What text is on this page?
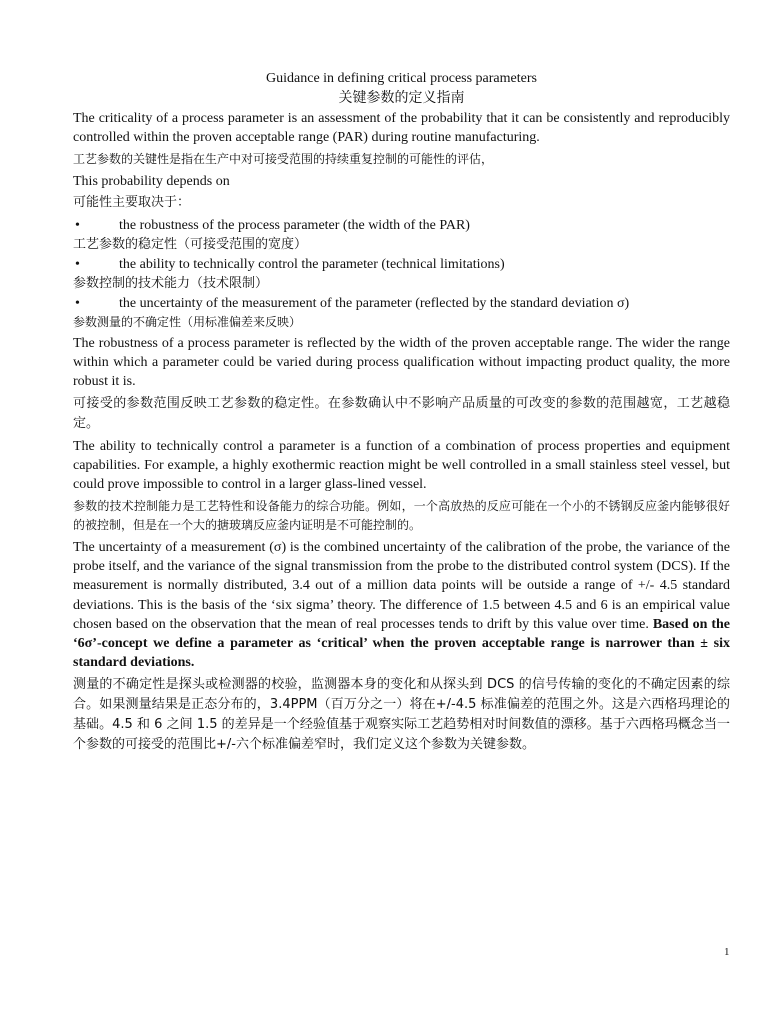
Guidance in defining critical process parameters

关键参数的定义指南

The criticality of a process parameter is an assessment of the probability that it can be consistently and reproducibly controlled within the proven acceptable range (PAR) during routine manufacturing.

工艺参数的关键性是指在生产中对可接受范围的持续重复控制的可能性的评估，

This probability depends on

可能性主要取决于：

•	the robustness of the process parameter (the width of the PAR)

工艺参数的稳定性（可接受范围的宽度）

•	the ability to technically control the parameter (technical limitations)

参数控制的技术能力（技术限制）

•	the uncertainty of the measurement of the parameter (reflected by the standard deviation σ)

参数测量的不确定性（用标准偏差来反映）

The robustness of a process parameter is reflected by the width of the proven acceptable range. The wider the range within which a parameter could be varied during process qualification without impacting product quality, the more robust it is.

可接受的参数范围反映工艺参数的稳定性。在参数确认中不影响产品质量的可改变的参数的范围越宽，工艺越稳定。

The ability to technically control a parameter is a function of a combination of process properties and equipment capabilities. For example, a highly exothermic reaction might be well controlled in a small stainless steel vessel, but could prove impossible to control in a larger glass-lined vessel.

参数的技术控制能力是工艺特性和设备能力的综合功能。例如，一个高放热的反应可能在一个小的不锈钢反应釜内能够很好的被控制，但是在一个大的搪玻璃反应釜内证明是不可能控制的。

The uncertainty of a measurement (σ) is the combined uncertainty of the calibration of the probe, the variance of the probe itself, and the variance of the signal transmission from the probe to the distributed control system (DCS). If the measurement is normally distributed, 3.4 out of a million data points will be outside a range of +/- 4.5 standard deviations. This is the basis of the ‘six sigma’ theory. The difference of 1.5 between 4.5 and 6 is an empirical value chosen based on the observation that the mean of real processes tends to drift by this value over time. Based on the ‘6σ’-concept we define a parameter as ‘critical’ when the proven acceptable range is narrower than ± six standard deviations.

测量的不确定性是探头或检测器的校验，监测器本身的变化和从探头到 DCS 的信号传输的变化的不确定因素的综合。如果测量结果是正态分布的，3.4PPM（百万分之一）将在+/-4.5 标准偏差的范围之外。这是六西格玛理论的基础。4.5 和 6 之间 1.5 的差异是一个经验值基于观察实际工艺趋势相对时间数值的漂移。基于六西格玛概念当一个参数的可接受的范围比+/-六个标准偏差窄时，我们定义这个参数为关键参数。

1
